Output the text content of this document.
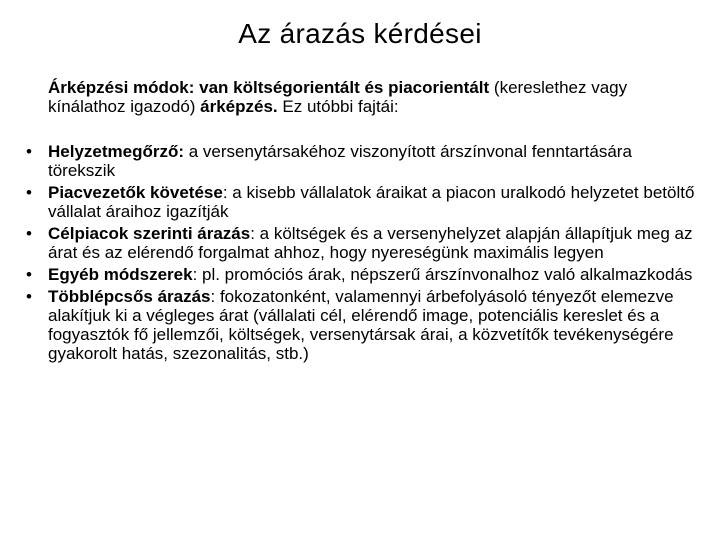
Az árazás kérdései
Árképzési módok: van költségorientált és piacorientált (kereslethez vagy kínálathoz igazodó) árképzés. Ez utóbbi fajtái:
• Helyzetmegőrző: a versenytársakéhoz viszonyított árszínvonal fenntartására törekszik
• Piacvezetők követése: a kisebb vállalatok áraikat a piacon uralkodó helyzetet betöltő vállalat áraihoz igazítják
• Célpiacok szerinti árazás: a költségek és a versenyhelyzet alapján állapítjuk meg az árat és az elérendő forgalmat ahhoz, hogy nyereségünk maximális legyen
• Egyéb módszerek: pl. promóciós árak, népszerű árszínvonalhoz való alkalmazkodás
• Többlépcsős árazás: fokozatonként, valamennyi árbefolyásoló tényezőt elemezve alakítjuk ki a végleges árat (vállalati cél, elérendő image, potenciális kereslet és a fogyasztók fő jellemzői, költségek, versenytársak árai, a közvetítők tevékenységére gyakorolt hatás, szezonalitás, stb.)
